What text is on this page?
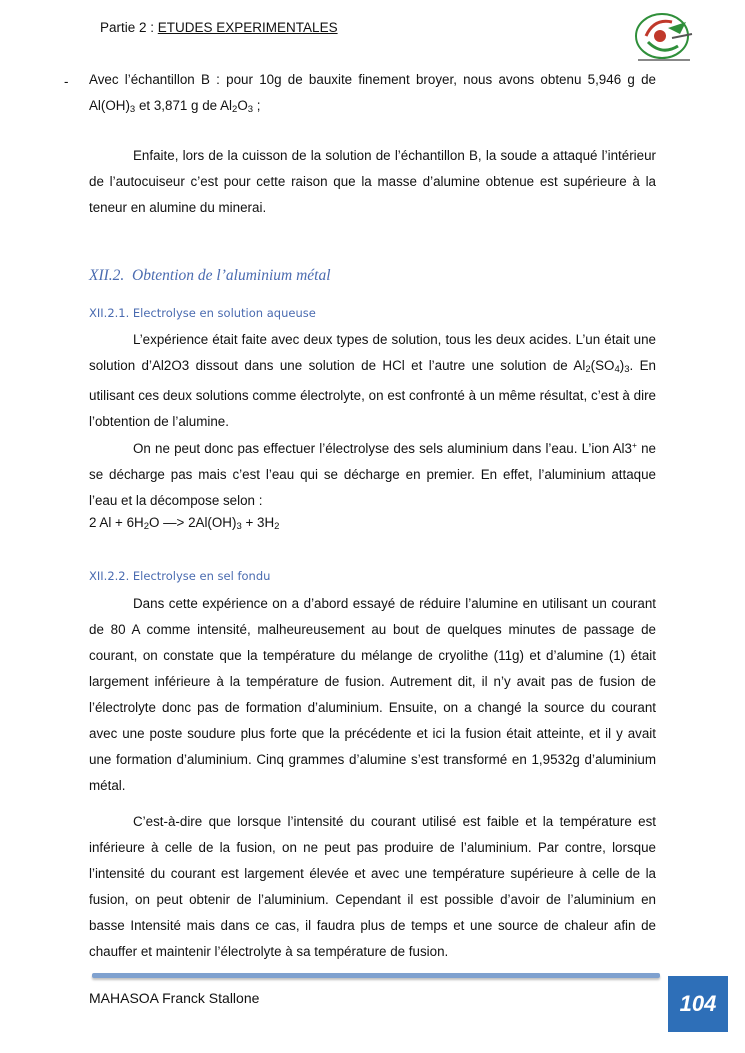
Partie 2 : ETUDES EXPERIMENTALES
- Avec l’échantillon B : pour 10g de bauxite finement broyer, nous avons obtenu 5,946 g de $Al(OH)_3$ et 3,871 g de $Al_2O_3$ ;
Enfaite, lors de la cuisson de la solution de l’échantillon B, la soude a attaqué l’intérieur de l’autocuiseur c’est pour cette raison que la masse d’alumine obtenue est supérieure à la teneur en alumine du minerai.
XII.2. Obtention de l’aluminium métal
XII.2.1. Electrolyse en solution aqueuse
L’expérience était faite avec deux types de solution, tous les deux acides. L’un était une solution d’Al2O3 dissout dans une solution de HCl et l’autre une solution de $Al_2(SO_4)_3$. En utilisant ces deux solutions comme électrolyte, on est confronté à un même résultat, c’est à dire l’obtention de l’alumine.
On ne peut donc pas effectuer l’électrolyse des sels aluminium dans l’eau. L’ion Al3+ ne se décharge pas mais c’est l’eau qui se décharge en premier. En effet, l’aluminium attaque l’eau et la décompose selon :
2 $Al + 6H_2O$ —> $2Al(OH)_3 + 3H_2$
XII.2.2. Electrolyse en sel fondu
Dans cette expérience on a d’abord essayé de réduire l’alumine en utilisant un courant de 80 A comme intensité, malheureusement au bout de quelques minutes de passage de courant, on constate que la température du mélange de cryolithe (11g) et d’alumine (1) était largement inférieure à la température de fusion. Autrement dit, il n’y avait pas de fusion de l’électrolyte donc pas de formation d’aluminium. Ensuite, on a changé la source du courant avec une poste soudure plus forte que la précédente et ici la fusion était atteinte, et il y avait une formation d’aluminium. Cinq grammes d’alumine s’est transformé en 1,9532g d’aluminium métal.
C’est-à-dire que lorsque l’intensité du courant utilisé est faible et la température est inférieure à celle de la fusion, on ne peut pas produire de l’aluminium. Par contre, lorsque l’intensité du courant est largement élevée et avec une température supérieure à celle de la fusion, on peut obtenir de l’aluminium. Cependant il est possible d’avoir de l’aluminium en basse Intensité mais dans ce cas, il faudra plus de temps et une source de chaleur afin de chauffer et maintenir l’électrolyte à sa température de fusion.
MAHASOA Franck Stallone	104
